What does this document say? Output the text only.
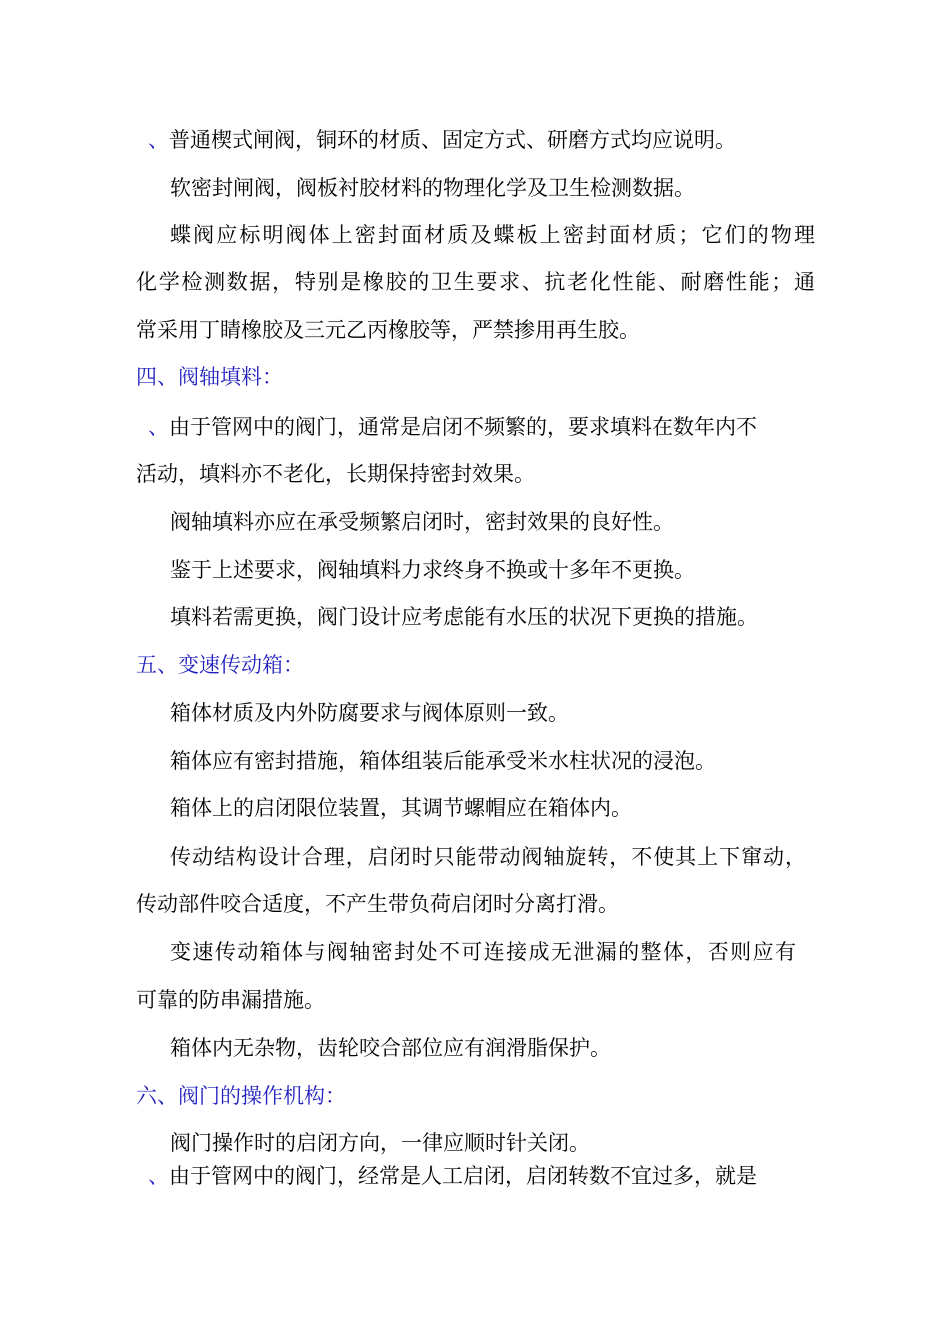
、普通楔式闸阀，铜环的材质、固定方式、研磨方式均应说明。

软密封闸阀，阀板衬胶材料的物理化学及卫生检测数据。

蝶阀应标明阀体上密封面材质及蝶板上密封面材质；它们的物理

化学检测数据，特别是橡胶的卫生要求、抗老化性能、耐磨性能；通

常采用丁睛橡胶及三元乙丙橡胶等，严禁掺用再生胶。

四、阀轴填料：

、由于管网中的阀门，通常是启闭不频繁的，要求填料在数年内不

活动，填料亦不老化，长期保持密封效果。

阀轴填料亦应在承受频繁启闭时，密封效果的良好性。

鉴于上述要求，阀轴填料力求终身不换或十多年不更换。

填料若需更换，阀门设计应考虑能有水压的状况下更换的措施。

五、变速传动箱：

箱体材质及内外防腐要求与阀体原则一致。

箱体应有密封措施，箱体组装后能承受米水柱状况的浸泡。

箱体上的启闭限位装置，其调节螺帽应在箱体内。

传动结构设计合理，启闭时只能带动阀轴旋转，不使其上下窜动，

传动部件咬合适度，不产生带负荷启闭时分离打滑。

变速传动箱体与阀轴密封处不可连接成无泄漏的整体，否则应有

可靠的防串漏措施。

箱体内无杂物，齿轮咬合部位应有润滑脂保护。

六、阀门的操作机构：

阀门操作时的启闭方向，一律应顺时针关闭。

、由于管网中的阀门，经常是人工启闭，启闭转数不宜过多，就是
